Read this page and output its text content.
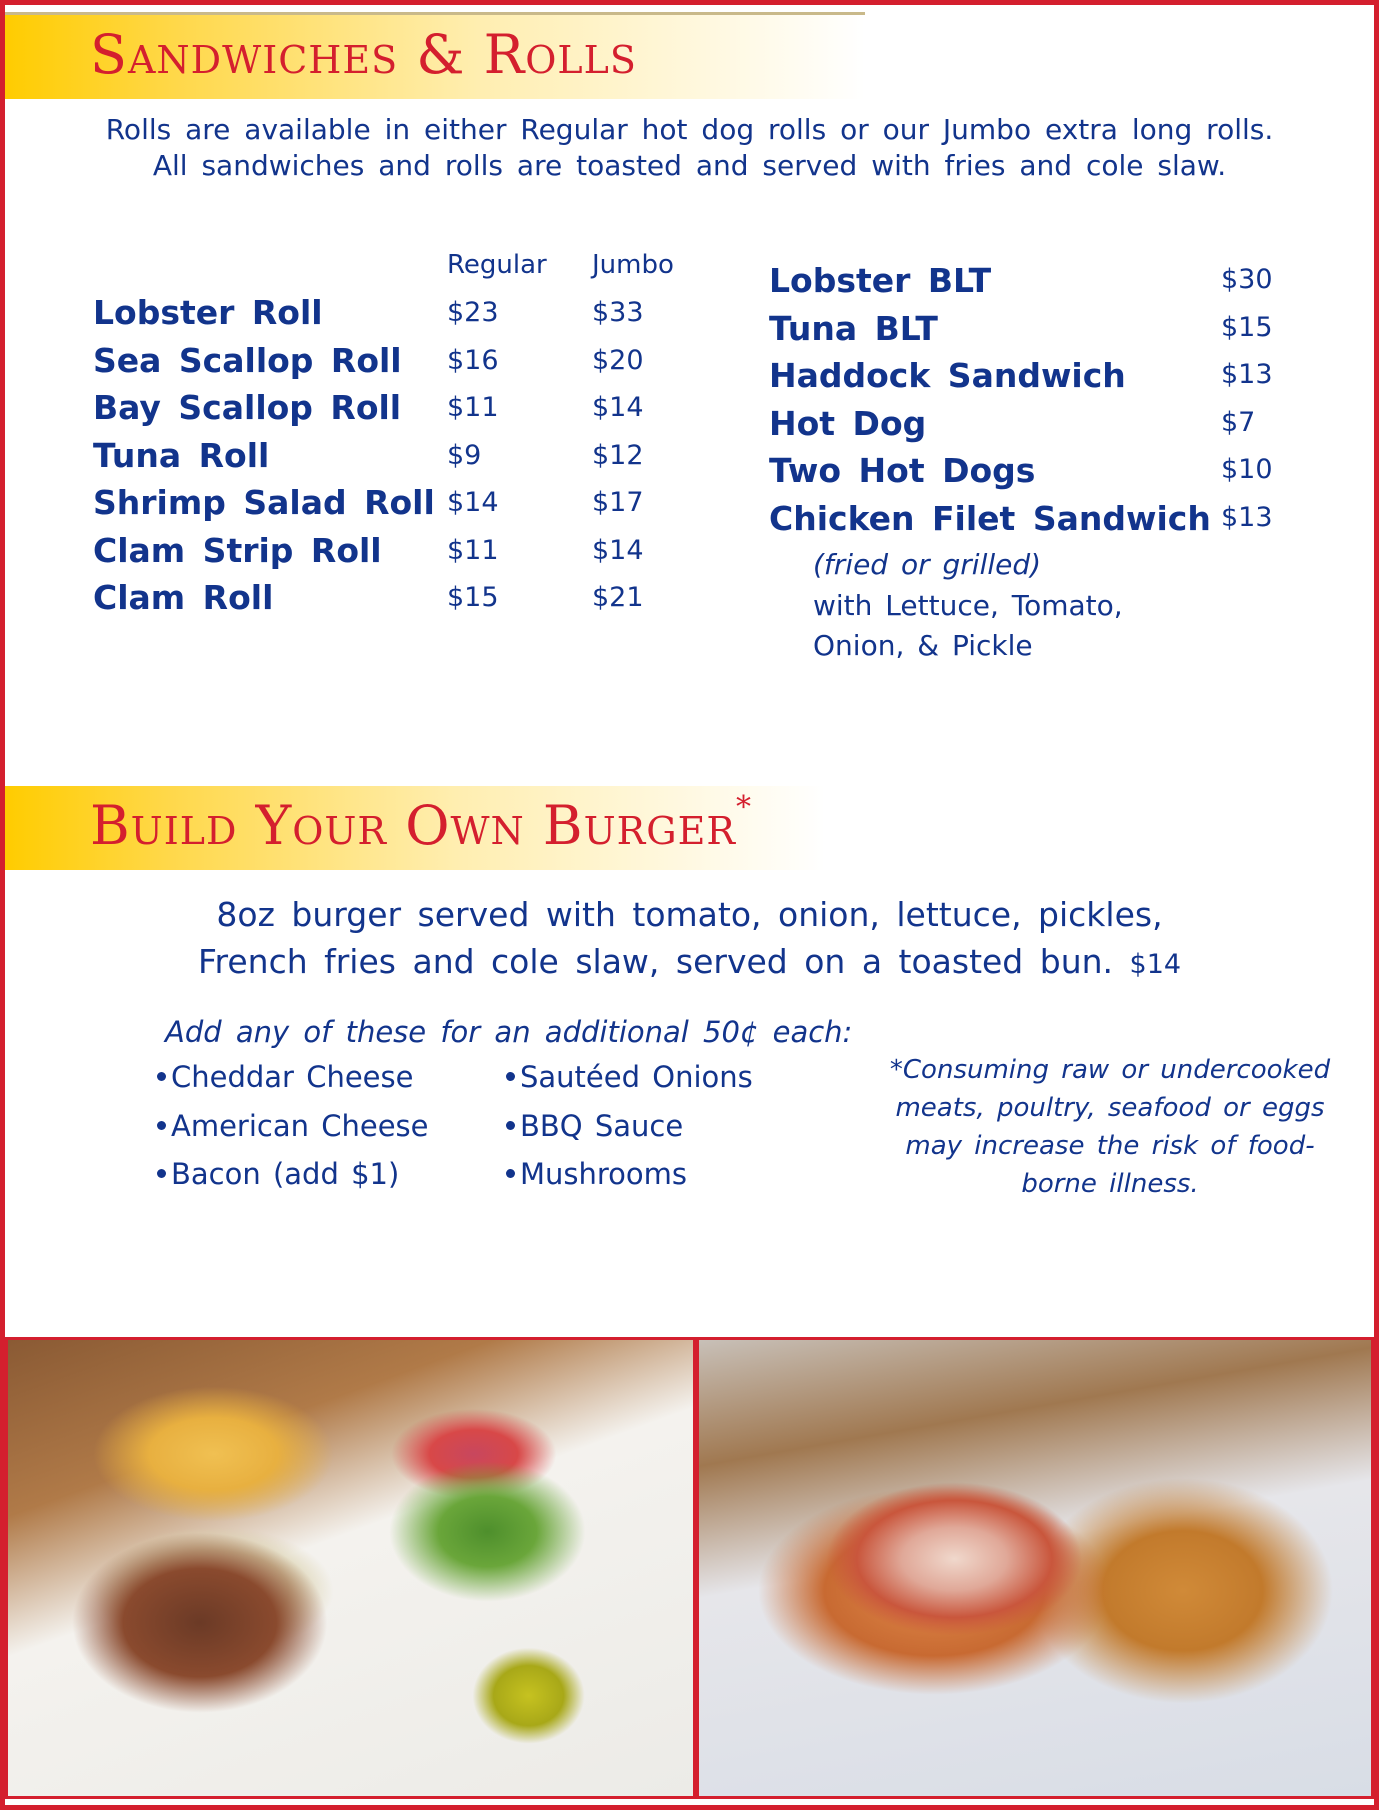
Sandwiches & Rolls
Rolls are available in either Regular hot dog rolls or our Jumbo extra long rolls.
All sandwiches and rolls are toasted and served with fries and cole slaw.
Regular Jumbo
Lobster Roll	$23	$33
Sea Scallop Roll $16	$20
Bay Scallop Roll $11	$14
Tuna Roll	$9	$12
Shrimp Salad Roll $14	$17
Clam Strip Roll $11	$14
Clam Roll	$15	$21
Lobster BLT	$30
Tuna BLT	$15
Haddock Sandwich	$13
Hot Dog	$7
Two Hot Dogs	$10
Chicken Filet Sandwich $13
(fried or grilled)
with Lettuce, Tomato,
Onion, & Pickle
Build Your Own Burger*
8oz burger served with tomato, onion, lettuce, pickles,
French fries and cole slaw, served on a toasted bun. $14
Add any of these for an additional 50¢ each:
Cheddar Cheese
American Cheese
Bacon (add $1)
Sautéed Onions
BBQ Sauce
Mushrooms
*Consuming raw or undercooked meats, poultry, seafood or eggs may increase the risk of food-borne illness.
